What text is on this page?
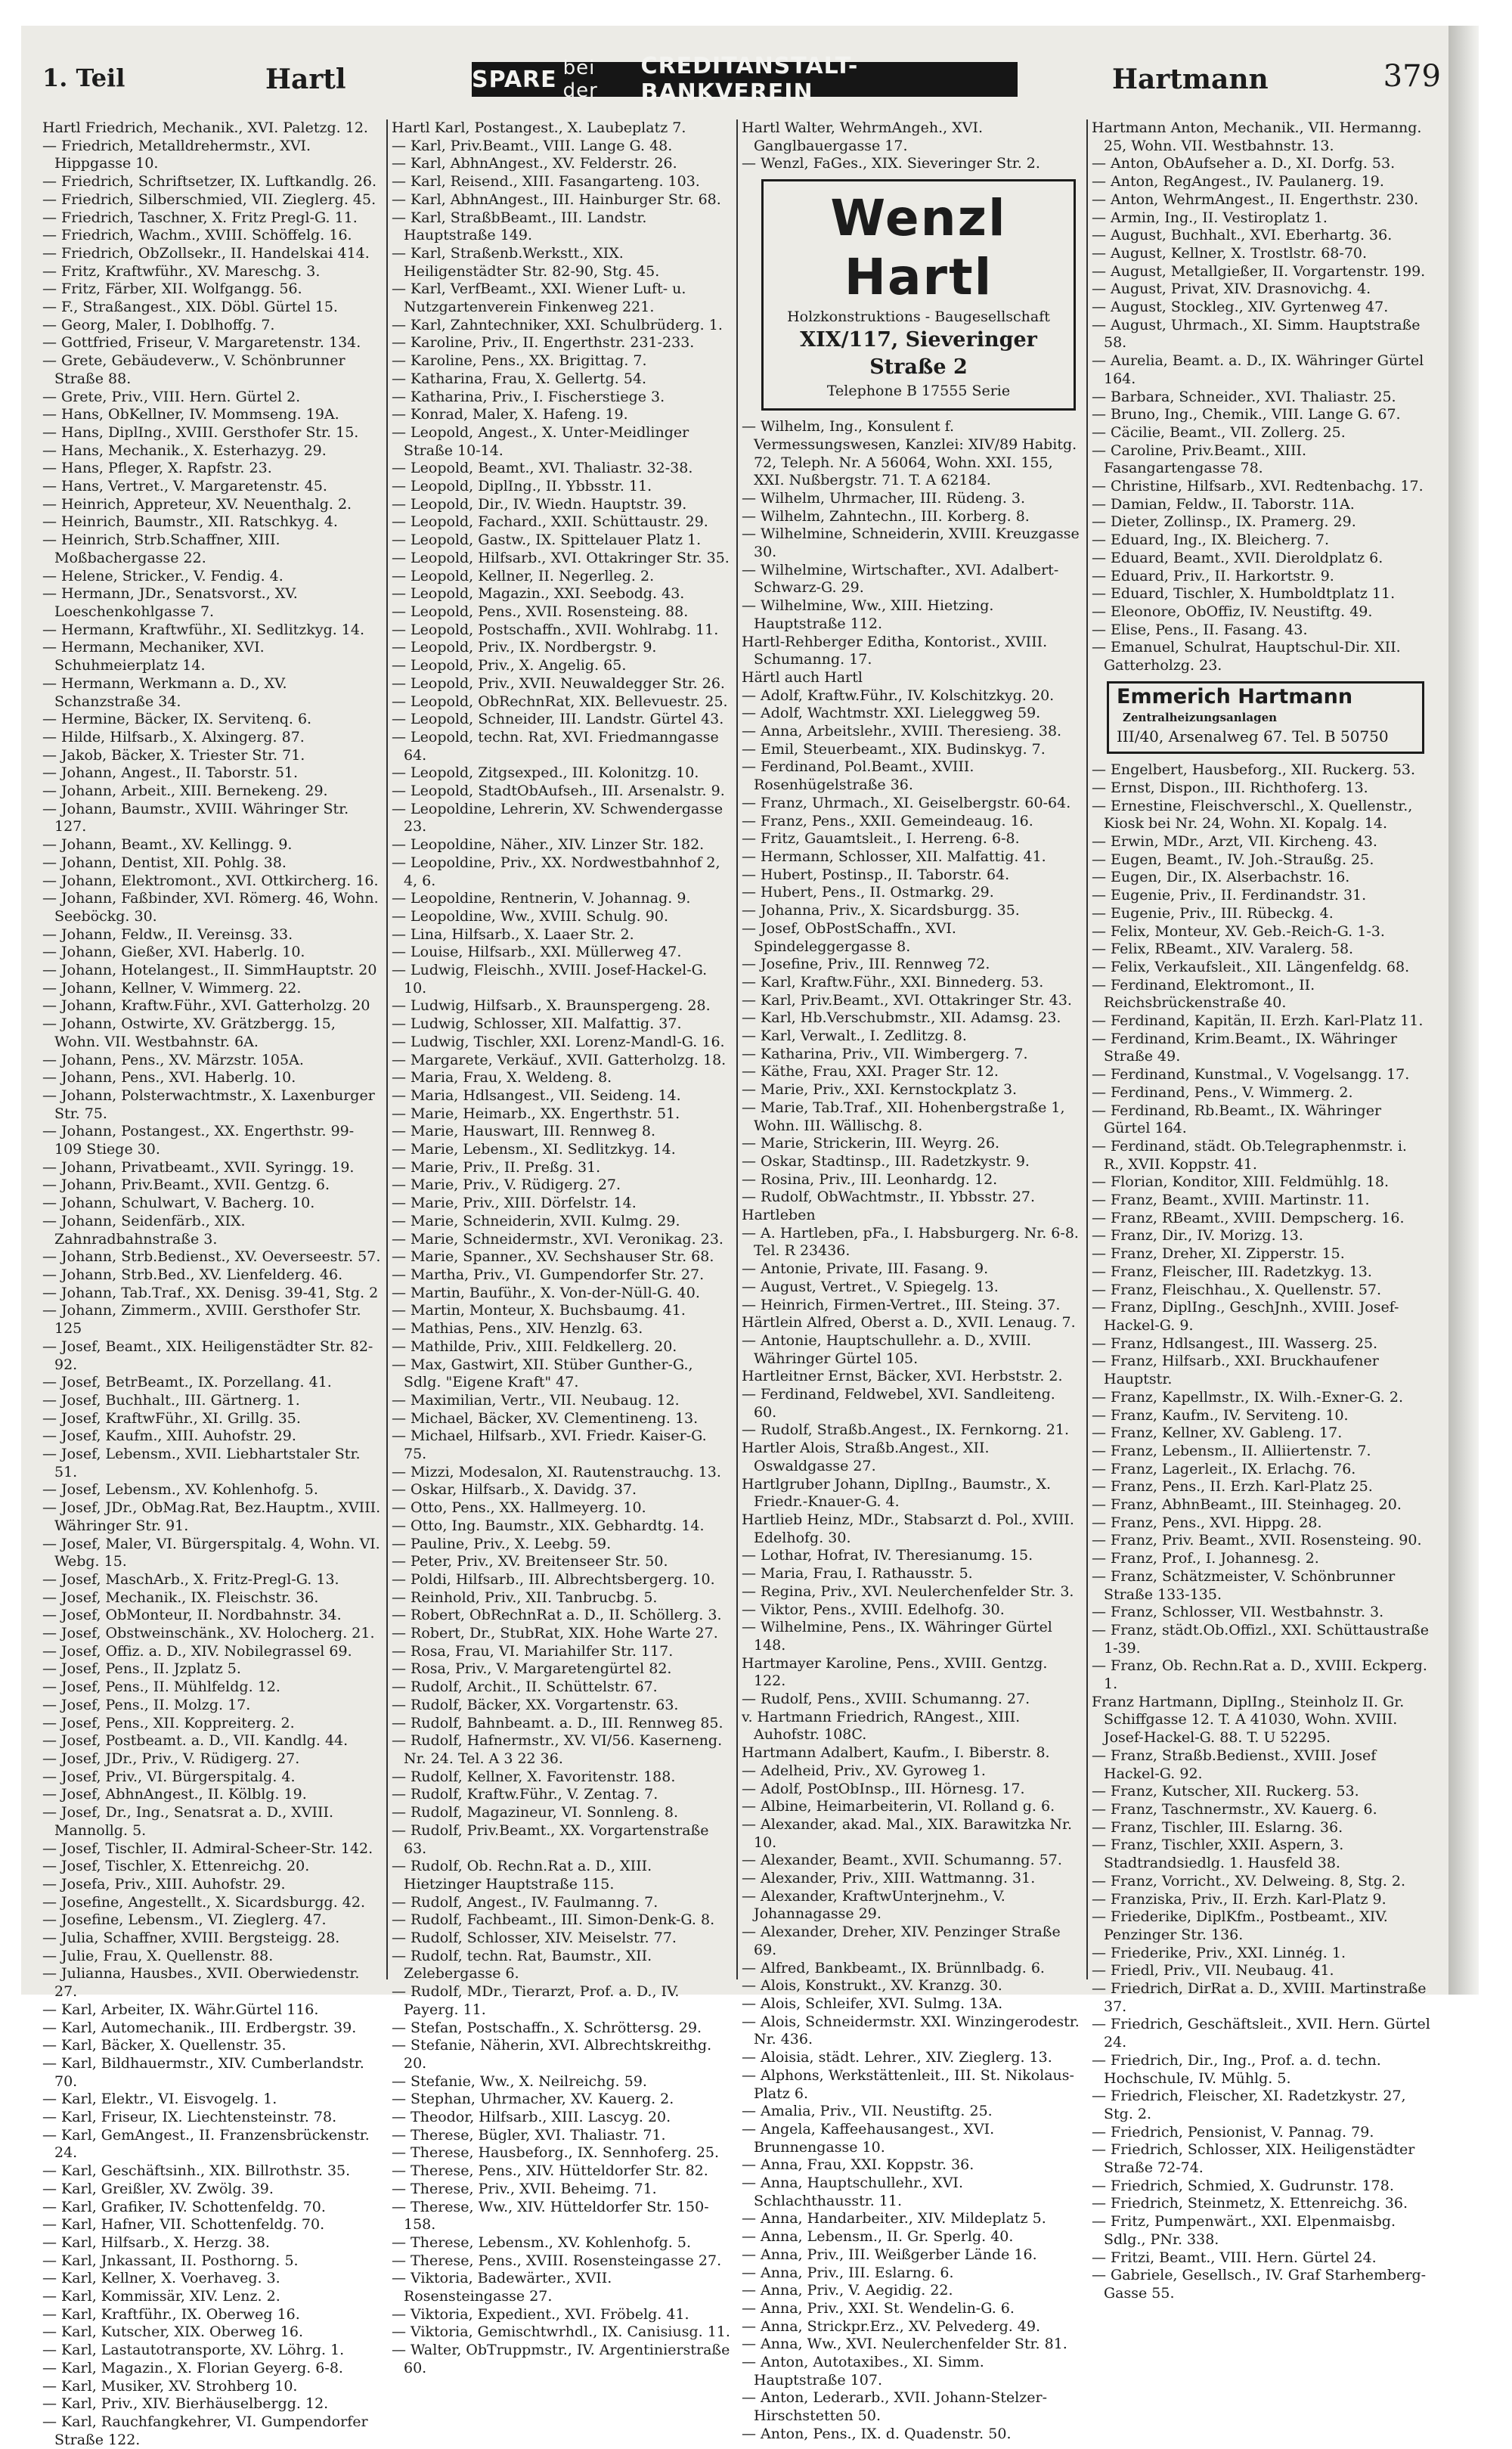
1. Teil	Hartl	SPARE bei der
CREDITANSTALT-BANKVEREIN	Hartmann	379
Hartl Friedrich, Mechanik., XVI. Paletzg. 12.
— Friedrich, Metalldrehermstr., XVI. Hippgasse 10.
— Friedrich, Schriftsetzer, IX. Luftkandlg. 26.
— Friedrich, Silberschmied, VII. Zieglerg. 45.
— Friedrich, Taschner, X. Fritz Pregl-G. 11.
— Friedrich, Wachm., XVIII. Schöffelg. 16.
— Friedrich, ObZollsekr., II. Handelskai 414.
— Fritz, Kraftwführ., XV. Mareschg. 3.
— Fritz, Färber, XII. Wolfgangg. 56.
— F., Straßangest., XIX. Döbl. Gürtel 15.
— Georg, Maler, I. Doblhoffg. 7.
— Gottfried, Friseur, V. Margaretenstr. 134.
— Grete, Gebäudeverw., V. Schönbrunner Straße 88.
— Grete, Priv., VIII. Hern. Gürtel 2.
— Hans, ObKellner, IV. Mommseng. 19A.
— Hans, DiplIng., XVIII. Gersthofer Str. 15.
— Hans, Mechanik., X. Esterhazyg. 29.
— Hans, Pfleger, X. Rapfstr. 23.
— Hans, Vertret., V. Margaretenstr. 45.
— Heinrich, Appreteur, XV. Neuenthalg. 2.
— Heinrich, Baumstr., XII. Ratschkyg. 4.
— Heinrich, Strb.Schaffner, XIII. Moßbachergasse 22.
— Helene, Stricker., V. Fendig. 4.
— Hermann, JDr., Senatsvorst., XV. Loeschenkohlgasse 7.
— Hermann, Kraftwführ., XI. Sedlitzkyg. 14.
— Hermann, Mechaniker, XVI. Schuhmeierplatz 14.
— Hermann, Werkmann a. D., XV. Schanzstraße 34.
— Hermine, Bäcker, IX. Servitenq. 6.
— Hilde, Hilfsarb., X. Alxingerg. 87.
— Jakob, Bäcker, X. Triester Str. 71.
— Johann, Angest., II. Taborstr. 51.
— Johann, Arbeit., XIII. Bernekeng. 29.
— Johann, Baumstr., XVIII. Währinger Str. 127.
— Johann, Beamt., XV. Kellingg. 9.
— Johann, Dentist, XII. Pohlg. 38.
— Johann, Elektromont., XVI. Ottkircherg. 16.
— Johann, Faßbinder, XVI. Römerg. 46, Wohn. Seeböckg. 30.
— Johann, Feldw., II. Vereinsg. 33.
— Johann, Gießer, XVI. Haberlg. 10.
— Johann, Hotelangest., II. SimmHauptstr. 20
— Johann, Kellner, V. Wimmerg. 22.
— Johann, Kraftw.Führ., XVI. Gatterholzg. 20
— Johann, Ostwirte, XV. Grätzbergg. 15, Wohn. VII. Westbahnstr. 6A.
— Johann, Pens., XV. Märzstr. 105A.
— Johann, Pens., XVI. Haberlg. 10.
— Johann, Polsterwachtmstr., X. Laxenburger Str. 75.
— Johann, Postangest., XX. Engerthstr. 99-109 Stiege 30.
— Johann, Privatbeamt., XVII. Syringg. 19.
— Johann, Priv.Beamt., XVII. Gentzg. 6.
— Johann, Schulwart, V. Bacherg. 10.
— Johann, Seidenfärb., XIX. Zahnradbahnstraße 3.
— Johann, Strb.Bedienst., XV. Oeverseestr. 57.
— Johann, Strb.Bed., XV. Lienfelderg. 46.
— Johann, Tab.Traf., XX. Denisg. 39-41, Stg. 2
— Johann, Zimmerm., XVIII. Gersthofer Str. 125
— Josef, Beamt., XIX. Heiligenstädter Str. 82-92.
— Josef, BetrBeamt., IX. Porzellang. 41.
— Josef, Buchhalt., III. Gärtnerg. 1.
— Josef, KraftwFühr., XI. Grillg. 35.
— Josef, Kaufm., XIII. Auhofstr. 29.
— Josef, Lebensm., XVII. Liebhartstaler Str. 51.
— Josef, Lebensm., XV. Kohlenhofg. 5.
— Josef, JDr., ObMag.Rat, Bez.Hauptm., XVIII. Währinger Str. 91.
— Josef, Maler, VI. Bürgerspitalg. 4, Wohn. VI. Webg. 15.
— Josef, MaschArb., X. Fritz-Pregl-G. 13.
— Josef, Mechanik., IX. Fleischstr. 36.
— Josef, ObMonteur, II. Nordbahnstr. 34.
— Josef, Obstweinschänk., XV. Holocherg. 21.
— Josef, Offiz. a. D., XIV. Nobilegrassel 69.
— Josef, Pens., II. Jzplatz 5.
— Josef, Pens., II. Mühlfeldg. 12.
— Josef, Pens., II. Molzg. 17.
— Josef, Pens., XII. Koppreiterg. 2.
— Josef, Postbeamt. a. D., VII. Kandlg. 44.
— Josef, JDr., Priv., V. Rüdigerg. 27.
— Josef, Priv., VI. Bürgerspitalg. 4.
— Josef, AbhnAngest., II. Kölblg. 19.
— Josef, Dr., Ing., Senatsrat a. D., XVIII. Mannollg. 5.
— Josef, Tischler, II. Admiral-Scheer-Str. 142.
— Josef, Tischler, X. Ettenreichg. 20.
— Josefa, Priv., XIII. Auhofstr. 29.
— Josefine, Angestellt., X. Sicardsburgg. 42.
— Josefine, Lebensm., VI. Zieglerg. 47.
— Julia, Schaffner, XVIII. Bergsteigg. 28.
— Julie, Frau, X. Quellenstr. 88.
— Julianna, Hausbes., XVII. Oberwiedenstr. 27.
— Karl, Arbeiter, IX. Währ.Gürtel 116.
— Karl, Automechanik., III. Erdbergstr. 39.
— Karl, Bäcker, X. Quellenstr. 35.
— Karl, Bildhauermstr., XIV. Cumberlandstr. 70.
— Karl, Elektr., VI. Eisvogelg. 1.
— Karl, Friseur, IX. Liechtensteinstr. 78.
— Karl, GemAngest., II. Franzensbrückenstr. 24.
— Karl, Geschäftsinh., XIX. Billrothstr. 35.
— Karl, Greißler, XV. Zwölg. 39.
— Karl, Grafiker, IV. Schottenfeldg. 70.
— Karl, Hafner, VII. Schottenfeldg. 70.
— Karl, Hilfsarb., X. Herzg. 38.
— Karl, Jnkassant, II. Posthorng. 5.
— Karl, Kellner, X. Voerhaveg. 3.
— Karl, Kommissär, XIV. Lenz. 2.
— Karl, Kraftführ., IX. Oberweg 16.
— Karl, Kutscher, XIX. Oberweg 16.
— Karl, Lastautotransporte, XV. Löhrg. 1.
— Karl, Magazin., X. Florian Geyerg. 6-8.
— Karl, Musiker, XV. Strohberg 10.
— Karl, Priv., XIV. Bierhäuselbergg. 12.
— Karl, Rauchfangkehrer, VI. Gumpendorfer Straße 122.
Hartl Karl, Postangest., X. Laubeplatz 7.
— Karl, Priv.Beamt., VIII. Lange G. 48.
— Karl, AbhnAngest., XV. Felderstr. 26.
— Karl, Reisend., XIII. Fasangarteng. 103.
— Karl, AbhnAngest., III. Hainburger Str. 68.
— Karl, StraßbBeamt., III. Landstr. Hauptstraße 149.
— Karl, Straßenb.Werkstt., XIX. Heiligenstädter Str. 82-90, Stg. 45.
— Karl, VerfBeamt., XXI. Wiener Luft- u. Nutzgartenverein Finkenweg 221.
— Karl, Zahntechniker, XXI. Schulbrüderg. 1.
— Karoline, Priv., II. Engerthstr. 231-233.
— Karoline, Pens., XX. Brigittag. 7.
— Katharina, Frau, X. Gellertg. 54.
— Katharina, Priv., I. Fischerstiege 3.
— Konrad, Maler, X. Hafeng. 19.
— Leopold, Angest., X. Unter-Meidlinger Straße 10-14.
— Leopold, Beamt., XVI. Thaliastr. 32-38.
— Leopold, DiplIng., II. Ybbsstr. 11.
— Leopold, Dir., IV. Wiedn. Hauptstr. 39.
— Leopold, Fachard., XXII. Schüttaustr. 29.
— Leopold, Gastw., IX. Spittelauer Platz 1.
— Leopold, Hilfsarb., XVI. Ottakringer Str. 35.
— Leopold, Kellner, II. Negerlleg. 2.
— Leopold, Magazin., XXI. Seebodg. 43.
— Leopold, Pens., XVII. Rosensteing. 88.
— Leopold, Postschaffn., XVII. Wohlrabg. 11.
— Leopold, Priv., IX. Nordbergstr. 9.
— Leopold, Priv., X. Angelig. 65.
— Leopold, Priv., XVII. Neuwaldegger Str. 26.
— Leopold, ObRechnRat, XIX. Bellevuestr. 25.
— Leopold, Schneider, III. Landstr. Gürtel 43.
— Leopold, techn. Rat, XVI. Friedmanngasse 64.
— Leopold, Zitgsexped., III. Kolonitzg. 10.
— Leopold, StadtObAufseh., III. Arsenalstr. 9.
— Leopoldine, Lehrerin, XV. Schwendergasse 23.
— Leopoldine, Näher., XIV. Linzer Str. 182.
— Leopoldine, Priv., XX. Nordwestbahnhof 2, 4, 6.
— Leopoldine, Rentnerin, V. Johannag. 9.
— Leopoldine, Ww., XVIII. Schulg. 90.
— Lina, Hilfsarb., X. Laaer Str. 2.
— Louise, Hilfsarb., XXI. Müllerweg 47.
— Ludwig, Fleischh., XVIII. Josef-Hackel-G. 10.
— Ludwig, Hilfsarb., X. Braunspergeng. 28.
— Ludwig, Schlosser, XII. Malfattig. 37.
— Ludwig, Tischler, XXI. Lorenz-Mandl-G. 16.
— Margarete, Verkäuf., XVII. Gatterholzg. 18.
— Maria, Frau, X. Weldeng. 8.
— Maria, Hdlsangest., VII. Seideng. 14.
— Marie, Heimarb., XX. Engerthstr. 51.
— Marie, Hauswart, III. Rennweg 8.
— Marie, Lebensm., XI. Sedlitzkyg. 14.
— Marie, Priv., II. Preßg. 31.
— Marie, Priv., V. Rüdigerg. 27.
— Marie, Priv., XIII. Dörfelstr. 14.
— Marie, Schneiderin, XVII. Kulmg. 29.
— Marie, Schneidermstr., XVI. Veronikag. 23.
— Marie, Spanner., XV. Sechshauser Str. 68.
— Martha, Priv., VI. Gumpendorfer Str. 27.
— Martin, Bauführ., X. Von-der-Nüll-G. 40.
— Martin, Monteur, X. Buchsbaumg. 41.
— Mathias, Pens., XIV. Henzlg. 63.
— Mathilde, Priv., XIII. Feldkellerg. 20.
— Max, Gastwirt, XII. Stüber Gunther-G., Sdlg. "Eigene Kraft" 47.
— Maximilian, Vertr., VII. Neubaug. 12.
— Michael, Bäcker, XV. Clementineng. 13.
— Michael, Hilfsarb., XVI. Friedr. Kaiser-G. 75.
— Mizzi, Modesalon, XI. Rautenstrauchg. 13.
— Oskar, Hilfsarb., X. Davidg. 37.
— Otto, Pens., XX. Hallmeyerg. 10.
— Otto, Ing. Baumstr., XIX. Gebhardtg. 14.
— Pauline, Priv., X. Leebg. 59.
— Peter, Priv., XV. Breitenseer Str. 50.
— Poldi, Hilfsarb., III. Albrechtsbergerg. 10.
— Reinhold, Priv., XII. Tanbrucbg. 5.
— Robert, ObRechnRat a. D., II. Schöllerg. 3.
— Robert, Dr., StubRat, XIX. Hohe Warte 27.
— Rosa, Frau, VI. Mariahilfer Str. 117.
— Rosa, Priv., V. Margaretengürtel 82.
— Rudolf, Archit., II. Schüttelstr. 67.
— Rudolf, Bäcker, XX. Vorgartenstr. 63.
— Rudolf, Bahnbeamt. a. D., III. Rennweg 85.
— Rudolf, Hafnermstr., XV. VI/56. Kaserneng. Nr. 24. Tel. A 3 22 36.
— Rudolf, Kellner, X. Favoritenstr. 188.
— Rudolf, Kraftw.Führ., V. Zentag. 7.
— Rudolf, Magazineur, VI. Sonnleng. 8.
— Rudolf, Priv.Beamt., XX. Vorgartenstraße 63.
— Rudolf, Ob. Rechn.Rat a. D., XIII. Hietzinger Hauptstraße 115.
— Rudolf, Angest., IV. Faulmanng. 7.
— Rudolf, Fachbeamt., III. Simon-Denk-G. 8.
— Rudolf, Schlosser, XIV. Meiselstr. 77.
— Rudolf, techn. Rat, Baumstr., XII. Zelebergasse 6.
— Rudolf, MDr., Tierarzt, Prof. a. D., IV. Payerg. 11.
— Stefan, Postschaffn., X. Schröttersg. 29.
— Stefanie, Näherin, XVI. Albrechtskreithg. 20.
— Stefanie, Ww., X. Neilreichg. 59.
— Stephan, Uhrmacher, XV. Kauerg. 2.
— Theodor, Hilfsarb., XIII. Lascyg. 20.
— Therese, Bügler, XVI. Thaliastr. 71.
— Therese, Hausbeforg., IX. Sennhoferg. 25.
— Therese, Pens., XIV. Hütteldorfer Str. 82.
— Therese, Priv., XVII. Beheimg. 71.
— Therese, Ww., XIV. Hütteldorfer Str. 150-158.
— Therese, Lebensm., XV. Kohlenhofg. 5.
— Therese, Pens., XVIII. Rosensteingasse 27.
— Viktoria, Badewärter., XVII. Rosensteingasse 27.
— Viktoria, Expedient., XVI. Fröbelg. 41.
— Viktoria, Gemischtwrhdl., IX. Canisiusg. 11.
— Walter, ObTruppmstr., IV. Argentinierstraße 60.
Hartl Walter, WehrmAngeh., XVI. Ganglbauergasse 17.
— Wenzl, FaGes., XIX. Sieveringer Str. 2.
Wenzl Hartl
Holzkonstruktions - Baugesellschaft
XIX/117, Sieveringer Straße 2
Telephone B 17555 Serie
— Wilhelm, Ing., Konsulent f. Vermessungswesen, Kanzlei: XIV/89 Habitg. 72, Teleph. Nr. A 56064, Wohn. XXI. 155, XXI. Nußbergstr. 71. T. A 62184.
— Wilhelm, Uhrmacher, III. Rüdeng. 3.
— Wilhelm, Zahntechn., III. Korberg. 8.
— Wilhelmine, Schneiderin, XVIII. Kreuzgasse 30.
— Wilhelmine, Wirtschafter., XVI. Adalbert-Schwarz-G. 29.
— Wilhelmine, Ww., XIII. Hietzing. Hauptstraße 112.
Hartl-Rehberger Editha, Kontorist., XVIII. Schumanng. 17.
Härtl auch Hartl
— Adolf, Kraftw.Führ., IV. Kolschitzkyg. 20.
— Adolf, Wachtmstr. XXI. Lieleggweg 59.
— Anna, Arbeitslehr., XVIII. Theresieng. 38.
— Emil, Steuerbeamt., XIX. Budinskyg. 7.
— Ferdinand, Pol.Beamt., XVIII. Rosenhügelstraße 36.
— Franz, Uhrmach., XI. Geiselbergstr. 60-64.
— Franz, Pens., XXII. Gemeindeaug. 16.
— Fritz, Gauamtsleit., I. Herreng. 6-8.
— Hermann, Schlosser, XII. Malfattig. 41.
— Hubert, Postinsp., II. Taborstr. 64.
— Hubert, Pens., II. Ostmarkg. 29.
— Johanna, Priv., X. Sicardsburgg. 35.
— Josef, ObPostSchaffn., XVI. Spindeleggergasse 8.
— Josefine, Priv., III. Rennweg 72.
— Karl, Kraftw.Führ., XXI. Binnederg. 53.
— Karl, Priv.Beamt., XVI. Ottakringer Str. 43.
— Karl, Hb.Verschubmstr., XII. Adamsg. 23.
— Karl, Verwalt., I. Zedlitzg. 8.
— Katharina, Priv., VII. Wimbergerg. 7.
— Käthe, Frau, XXI. Prager Str. 12.
— Marie, Priv., XXI. Kernstockplatz 3.
— Marie, Tab.Traf., XII. Hohenbergstraße 1, Wohn. III. Wällischg. 8.
— Marie, Strickerin, III. Weyrg. 26.
— Oskar, Stadtinsp., III. Radetzkystr. 9.
— Rosina, Priv., III. Leonhardg. 12.
— Rudolf, ObWachtmstr., II. Ybbsstr. 27.
Hartleben
— A. Hartleben, pFa., I. Habsburgerg. Nr. 6-8. Tel. R 23436.
— Antonie, Private, III. Fasang. 9.
— August, Vertret., V. Spiegelg. 13.
— Heinrich, Firmen-Vertret., III. Steing. 37.
Härtlein Alfred, Oberst a. D., XVII. Lenaug. 7.
— Antonie, Hauptschullehr. a. D., XVIII. Währinger Gürtel 105.
Hartleitner Ernst, Bäcker, XVI. Herbststr. 2.
— Ferdinand, Feldwebel, XVI. Sandleiteng. 60.
— Rudolf, Straßb.Angest., IX. Fernkorng. 21.
Hartler Alois, Straßb.Angest., XII. Oswaldgasse 27.
Hartlgruber Johann, DiplIng., Baumstr., X. Friedr.-Knauer-G. 4.
Hartlieb Heinz, MDr., Stabsarzt d. Pol., XVIII. Edelhofg. 30.
— Lothar, Hofrat, IV. Theresianumg. 15.
— Maria, Frau, I. Rathausstr. 5.
— Regina, Priv., XVI. Neulerchenfelder Str. 3.
— Viktor, Pens., XVIII. Edelhofg. 30.
— Wilhelmine, Pens., IX. Währinger Gürtel 148.
Hartmayer Karoline, Pens., XVIII. Gentzg. 122.
— Rudolf, Pens., XVIII. Schumanng. 27.
v. Hartmann Friedrich, RAngest., XIII. Auhofstr. 108C.
Hartmann Adalbert, Kaufm., I. Biberstr. 8.
— Adelheid, Priv., XV. Gyroweg 1.
— Adolf, PostObInsp., III. Hörnesg. 17.
— Albine, Heimarbeiterin, VI. Rolland g. 6.
— Alexander, akad. Mal., XIX. Barawitzka Nr. 10.
— Alexander, Beamt., XVII. Schumanng. 57.
— Alexander, Priv., XIII. Wattmanng. 31.
— Alexander, KraftwUnterjnehm., V. Johannagasse 29.
— Alexander, Dreher, XIV. Penzinger Straße 69.
— Alfred, Bankbeamt., IX. Brünnlbadg. 6.
— Alois, Konstrukt., XV. Kranzg. 30.
— Alois, Schleifer, XVI. Sulmg. 13A.
— Alois, Schneidermstr. XXI. Winzingerodestr. Nr. 436.
— Aloisia, städt. Lehrer., XIV. Zieglerg. 13.
— Alphons, Werkstättenleit., III. St. Nikolaus-Platz 6.
— Amalia, Priv., VII. Neustiftg. 25.
— Angela, Kaffeehausangest., XVI. Brunnengasse 10.
— Anna, Frau, XXI. Koppstr. 36.
— Anna, Hauptschullehr., XVI. Schlachthausstr. 11.
— Anna, Handarbeiter., XIV. Mildeplatz 5.
— Anna, Lebensm., II. Gr. Sperlg. 40.
— Anna, Priv., III. Weißgerber Lände 16.
— Anna, Priv., III. Eslarng. 6.
— Anna, Priv., V. Aegidig. 22.
— Anna, Priv., XXI. St. Wendelin-G. 6.
— Anna, Strickpr.Erz., XV. Pelvederg. 49.
— Anna, Ww., XVI. Neulerchenfelder Str. 81.
— Anton, Autotaxibes., XI. Simm. Hauptstraße 107.
— Anton, Lederarb., XVII. Johann-Stelzer-Hirschstetten 50.
— Anton, Pens., IX. d. Quadenstr. 50.
Hartmann Anton, Mechanik., VII. Hermanng. 25, Wohn. VII. Westbahnstr. 13.
— Anton, ObAufseher a. D., XI. Dorfg. 53.
— Anton, RegAngest., IV. Paulanerg. 19.
— Anton, WehrmAngest., II. Engerthstr. 230.
— Armin, Ing., II. Vestiroplatz 1.
— August, Buchhalt., XVI. Eberhartg. 36.
— August, Kellner, X. Trostlstr. 68-70.
— August, Metallgießer, II. Vorgartenstr. 199.
— August, Privat, XIV. Drasnovichg. 4.
— August, Stockleg., XIV. Gyrtenweg 47.
— August, Uhrmach., XI. Simm. Hauptstraße 58.
— Aurelia, Beamt. a. D., IX. Währinger Gürtel 164.
— Barbara, Schneider., XVI. Thaliastr. 25.
— Bruno, Ing., Chemik., VIII. Lange G. 67.
— Cäcilie, Beamt., VII. Zollerg. 25.
— Caroline, Priv.Beamt., XIII. Fasangartengasse 78.
— Christine, Hilfsarb., XVI. Redtenbachg. 17.
— Damian, Feldw., II. Taborstr. 11A.
— Dieter, Zollinsp., IX. Pramerg. 29.
— Eduard, Ing., IX. Bleicherg. 7.
— Eduard, Beamt., XVII. Dieroldplatz 6.
— Eduard, Priv., II. Harkortstr. 9.
— Eduard, Tischler, X. Humboldtplatz 11.
— Eleonore, ObOffiz, IV. Neustiftg. 49.
— Elise, Pens., II. Fasang. 43.
— Emanuel, Schulrat, Hauptschul-Dir. XII. Gatterholzg. 23.
Emmerich Hartmann Zentralheizungsanlagen
III/40, Arsenalweg 67. Tel. B 50750
— Engelbert, Hausbeforg., XII. Ruckerg. 53.
— Ernst, Dispon., III. Richthoferg. 13.
— Ernestine, Fleischverschl., X. Quellenstr., Kiosk bei Nr. 24, Wohn. XI. Kopalg. 14.
— Erwin, MDr., Arzt, VII. Kircheng. 43.
— Eugen, Beamt., IV. Joh.-Straußg. 25.
— Eugen, Dir., IX. Alserbachstr. 16.
— Eugenie, Priv., II. Ferdinandstr. 31.
— Eugenie, Priv., III. Rübeckg. 4.
— Felix, Monteur, XV. Geb.-Reich-G. 1-3.
— Felix, RBeamt., XIV. Varalerg. 58.
— Felix, Verkaufsleit., XII. Längenfeldg. 68.
— Ferdinand, Elektromont., II. Reichsbrückenstraße 40.
— Ferdinand, Kapitän, II. Erzh. Karl-Platz 11.
— Ferdinand, Krim.Beamt., IX. Währinger Straße 49.
— Ferdinand, Kunstmal., V. Vogelsangg. 17.
— Ferdinand, Pens., V. Wimmerg. 2.
— Ferdinand, Rb.Beamt., IX. Währinger Gürtel 164.
— Ferdinand, städt. Ob.Telegraphenmstr. i. R., XVII. Koppstr. 41.
— Florian, Konditor, XIII. Feldmühlg. 18.
— Franz, Beamt., XVIII. Martinstr. 11.
— Franz, RBeamt., XVIII. Dempscherg. 16.
— Franz, Dir., IV. Morizg. 13.
— Franz, Dreher, XI. Zipperstr. 15.
— Franz, Fleischer, III. Radetzkyg. 13.
— Franz, Fleischhau., X. Quellenstr. 57.
— Franz, DiplIng., GeschJnh., XVIII. Josef-Hackel-G. 9.
— Franz, Hdlsangest., III. Wasserg. 25.
— Franz, Hilfsarb., XXI. Bruckhaufener Hauptstr.
— Franz, Kapellmstr., IX. Wilh.-Exner-G. 2.
— Franz, Kaufm., IV. Serviteng. 10.
— Franz, Kellner, XV. Gableng. 17.
— Franz, Lebensm., II. Alliiertenstr. 7.
— Franz, Lagerleit., IX. Erlachg. 76.
— Franz, Pens., II. Erzh. Karl-Platz 25.
— Franz, AbhnBeamt., III. Steinhageg. 20.
— Franz, Pens., XVI. Hippg. 28.
— Franz, Priv. Beamt., XVII. Rosensteing. 90.
— Franz, Prof., I. Johannesg. 2.
— Franz, Schätzmeister, V. Schönbrunner Straße 133-135.
— Franz, Schlosser, VII. Westbahnstr. 3.
— Franz, städt.Ob.Offizl., XXI. Schüttaustraße 1-39.
— Franz, Ob. Rechn.Rat a. D., XVIII. Eckperg. 1.
Franz Hartmann, DiplIng., Steinholz II. Gr. Schiffgasse 12. T. A 41030, Wohn. XVIII. Josef-Hackel-G. 88. T. U 52295.
— Franz, Straßb.Bedienst., XVIII. Josef Hackel-G. 92.
— Franz, Kutscher, XII. Ruckerg. 53.
— Franz, Taschnermstr., XV. Kauerg. 6.
— Franz, Tischler, III. Eslarng. 36.
— Franz, Tischler, XXII. Aspern, 3. Stadtrandsiedlg. 1. Hausfeld 38.
— Franz, Vorricht., XV. Delweing. 8, Stg. 2.
— Franziska, Priv., II. Erzh. Karl-Platz 9.
— Friederike, DiplKfm., Postbeamt., XIV. Penzinger Str. 136.
— Friederike, Priv., XXI. Linnég. 1.
— Friedl, Priv., VII. Neubaug. 41.
— Friedrich, DirRat a. D., XVIII. Martinstraße 37.
— Friedrich, Geschäftsleit., XVII. Hern. Gürtel 24.
— Friedrich, Dir., Ing., Prof. a. d. techn. Hochschule, IV. Mühlg. 5.
— Friedrich, Fleischer, XI. Radetzkystr. 27, Stg. 2.
— Friedrich, Pensionist, V. Pannag. 79.
— Friedrich, Schlosser, XIX. Heiligenstädter Straße 72-74.
— Friedrich, Schmied, X. Gudrunstr. 178.
— Friedrich, Steinmetz, X. Ettenreichg. 36.
— Fritz, Pumpenwärt., XXI. Elpenmaisbg. Sdlg., PNr. 338.
— Fritzi, Beamt., VIII. Hern. Gürtel 24.
— Gabriele, Gesellsch., IV. Graf Starhemberg-Gasse 55.
